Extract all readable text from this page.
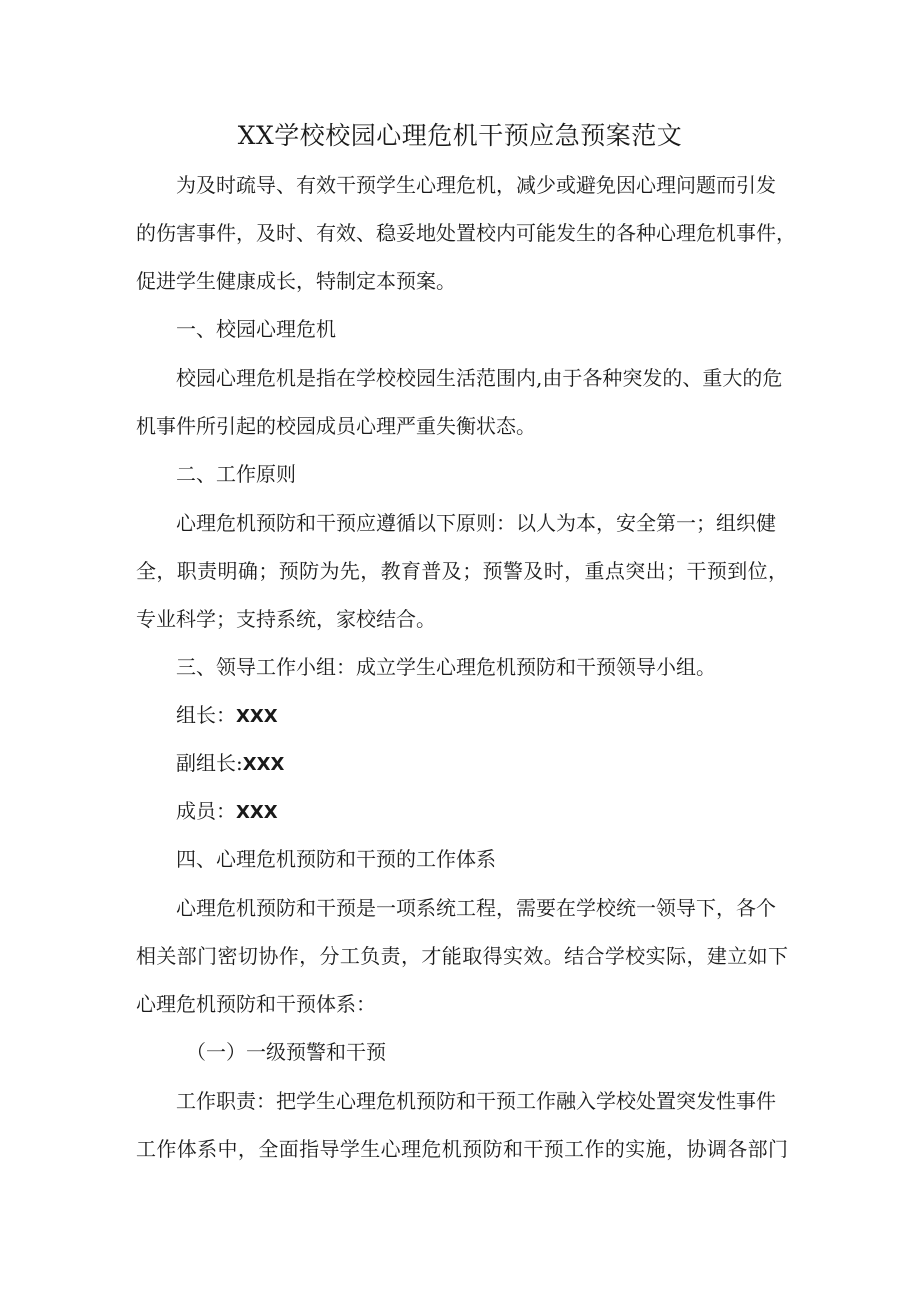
XX学校校园心理危机干预应急预案范文
为及时疏导、有效干预学生心理危机，减少或避免因心理问题而引发
的伤害事件，及时、有效、稳妥地处置校内可能发生的各种心理危机事件，
促进学生健康成长，特制定本预案。
一、校园心理危机
校园心理危机是指在学校校园生活范围内,由于各种突发的、重大的危
机事件所引起的校园成员心理严重失衡状态。
二、工作原则
心理危机预防和干预应遵循以下原则：以人为本，安全第一；组织健
全，职责明确；预防为先，教育普及；预警及时，重点突出；干预到位，
专业科学；支持系统，家校结合。
三、领导工作小组：成立学生心理危机预防和干预领导小组。
组长：XXX
副组长:XXX
成员：XXX
四、心理危机预防和干预的工作体系
心理危机预防和干预是一项系统工程，需要在学校统一领导下，各个
相关部门密切协作，分工负责，才能取得实效。结合学校实际，建立如下
心理危机预防和干预体系：
（一）一级预警和干预
工作职责：把学生心理危机预防和干预工作融入学校处置突发性事件
工作体系中，全面指导学生心理危机预防和干预工作的实施，协调各部门
